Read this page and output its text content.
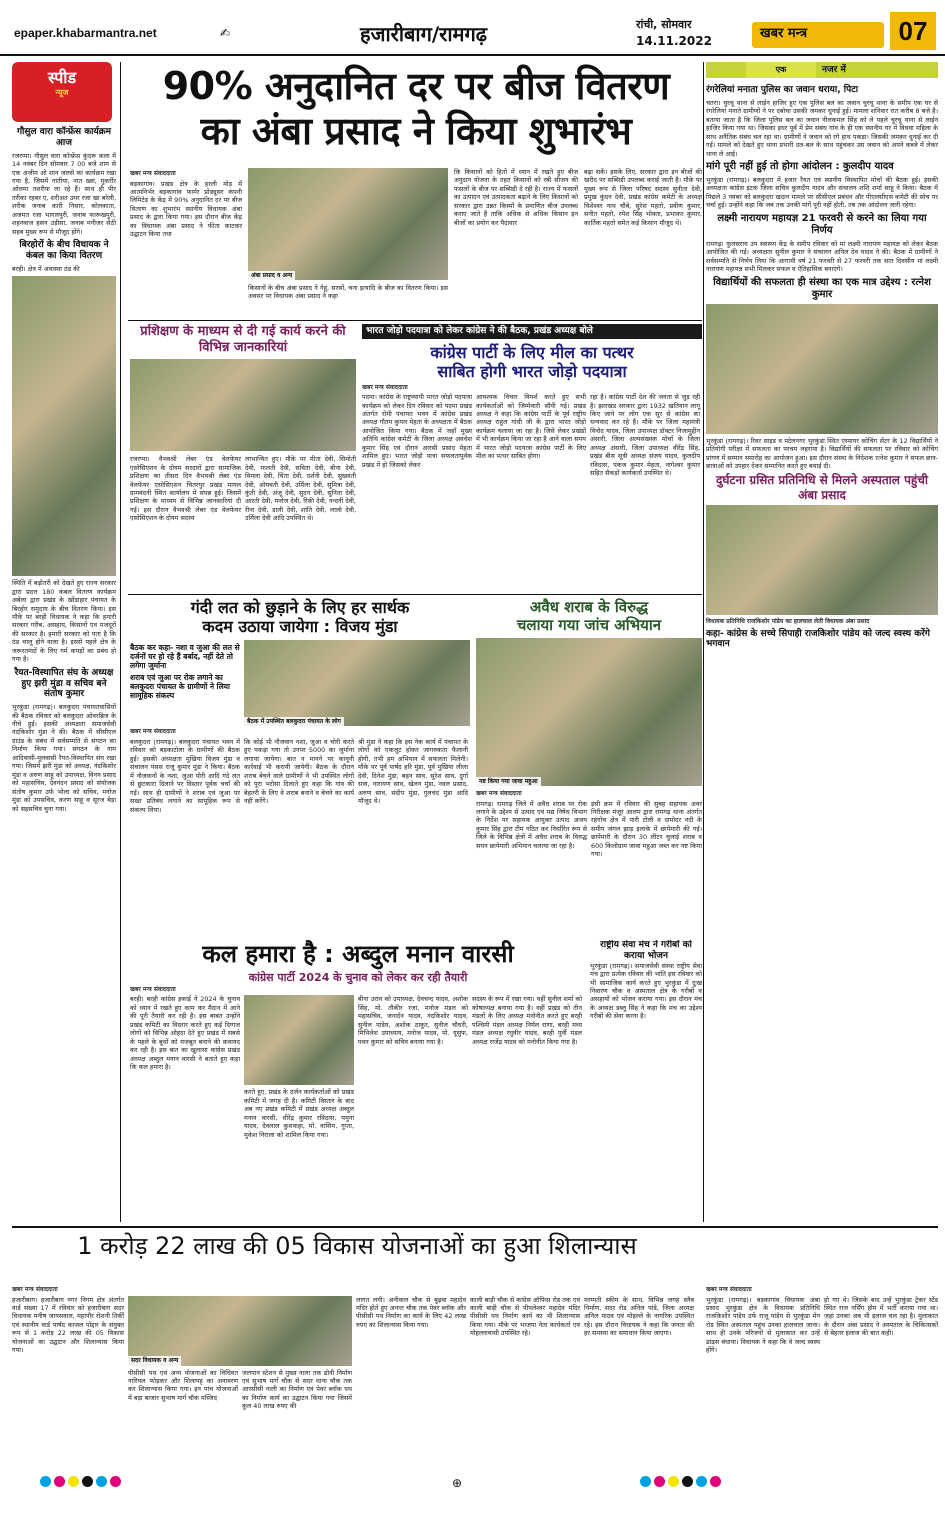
epaper.khabarmantra.net	✍	हजारीबाग/रामगढ़	रांची, सोमवार
14.11.2022	खबर मन्त्र	07
स्पीड
न्यूज
गौसुल वारा कॉन्फ्रेंस कार्यक्रम आज
रजरप्पा। गौसुल वारा कॉन्फ्रेंस कुंदरू कला में 14 नवंबर दिन सोमवार 7 00 बजे शाम से एक अजीम ओ शान जलसे का कार्यक्रम रखा गया है, जिसमें नातीया, नात ख्वां, मुकर्रीर ओलमा तशरीफ ला रहे हैं। साथ ही पीर तरीका रहबर ए, शरीअत उमर रजा खा बरेली, शरीक जनाब कारी निसार, कोलकाता, अजमत रजा भागलपुरी, जनाब फारूखपुरी, शहनवाज हसन उड़ीसा, जनाब मनीजर सेठी सहब मुख्य रूप से मौजूद होंगे।
बिरहोरों के बीच विधायक ने कंबल का किया वितरण
बरही। क्षेत्र में अवास्था ठंड की
स्थिति में बढ़ोतरी को देखते हुए राज्य सरकार द्वारा प्रदत्त 180 कंबल वितरण कार्यक्रम अबेला द्वारा प्रखंड के खोंडाहार पंचायत के बिरहोर समुदाय के बीच वितरण किया। इस मौके पर बरही विधायक ने कहा कि हमारी सरकार गरीब, असहाय, किसानों एव मजदूरों की सरकार है। हमारी सरकार को पता है कि ठंड चालू होने वाला है। इससे पहले क्षेत्र के जरूरतमंदों के लिए गर्म कपड़ों का प्रबंध हो गया है।
रैयत-विस्थापित संघ के अध्यक्ष हुए झरी मुंडा व सचिव बने संतोष कुमार
भुरकुंडा (रामगढ़)। बलकुदरा पंचायतवासियों की बैठक रविवार को बलकुदरा ओवरब्रिज के नीचे हुई। इसकी अध्यक्षता समाजसेवी नंदकिशोर मुंडा ने की। बैठक में सीसीएल ग्राउंड के संबंध में सर्वसम्मति से संगठन का निर्माण किया गया। संगठन के नाम आदिवासी-मूलवासी रैयत-विस्थापित संघ रखा गया। जिसमें झरी मुंडा को अध्यक्ष, नंदकिशोर मुंडा व अरुण साहू को उपाध्यक्ष, विनय प्रसाद को महासचिव, देवनंदन प्रसाद को संयोजक संतोष कुमार उर्फ भोला को सचिव, मनोज मुंडा को उपसचिव, करण साहू व सूरज बेड़ा को सहसचिव चुना गया।
90% अनुदानित दर पर बीज वितरण
का अंबा प्रसाद ने किया शुभारंभ
खबर मन्त्र संवाददाता
बड़कागांव। प्रखंड क्षेत्र के हरली मोड़ में आत्मनिर्भर बड़कागांव फार्मर प्रोड्यूसर कंपनी लिमिटेड के केंद्र में 90% अनुदानित दर पर बीज वितरण का शुभारंभ स्थानीय विधायक अंबा प्रसाद के द्वारा किया गया। इस दौरान बीज केंद्र का विधायक अंबा प्रसाद ने फीता काटकर उद्घाटन किया तथा
अंबा प्रसाद व अन्य
किसानों के बीच अंबा प्रसाद ने गेहूं, सरसों, चना इत्यादि के बीज का वितरण किया। इस अवसर पर विधायक अंबा प्रसाद ने कहा
कि किसानों को हितों में ध्यान में रखते हुए बीज अनुदान योजना के तहत किसानों को रबी सीजन की फसलों के बीज पर सब्सिडी दे रही है। राज्य में फसलों का उत्पादन एवं उत्पादकता बढ़ाने के लिए किसानों को सरकार द्वारा उन्नत किस्मों के प्रमाणित बीज उपलब्ध कराए जाते हैं ताकि अधिक से अधिक किसान इन बीजों का प्रयोग कर पैदावार
बढ़ा सकें। इसके लिए, सरकार द्वारा इन बीजों की खरीद पर सब्सिडी उपलब्ध कराई जाती है। मौके पर मुख्य रूप से जिला परिषद सदस्य सुनीता देवी, प्रमुख कुंदन देवी, प्रखंड कांग्रेस कमेटी के अध्यक्ष विशेश्वर नाथ चौबे, सुरेश महतो, प्रवीण कुमार, सनीत महतो, रमेश सिंह भोक्ता, प्रभाकर कुमार, कार्तिक महतो समेत कई किसान मौजूद थे।
प्रशिक्षण के माध्यम से दी गई कार्य करने की विभिन्न जानकारियां
रजरप्पा। वैभवश्री लेबर एंड वेलफेयर एसोसिएशन के दोयम सरदारों द्वारा सामाजिक प्रशिक्षण का तीसरा दिन वैभवश्री लेबर एंड वेलफेयर एसोसिएशन चितरपुर प्रखंड मायल ग्रामवंदनी स्थित कार्यालय में संपन्न हुई। जिसमें प्रशिक्षण के माध्यम से विभिन्न जानकारियां दी गई। इस दौरान वैभवश्री लेबर एंड वेलफेयर एसोसिएशन के दोयम सदस्य
लाभान्वित हुए। मौके पर मीता देवी, सिमोती देवी, मालती देवी, सविता देवी, बीना देवी, विमला देवी, चिंता देवी, दर्शनी देवी, सुखवंती देवी, ओमवती देवी, उर्मिला देवी, सुमित्रा देवी, कुंती देवी, अंजू देवी, सुदन देवी, सुनिता देवी, आरती देवी, मनोज देवी, रिंकी देवी, नन्दनी देवी, रीना देवी, डाली देवी, शांति देवी, लालो देवी, उर्मिला देवी आदि उपस्थित थे।
भारत जोड़ो पदयात्रा को लेकर कांग्रेस ने की बैठक, प्रखंड अध्यक्ष बोले
कांग्रेस पार्टी के लिए मील का पत्थर
साबित होगी भारत जोड़ो पदयात्रा
खबर मन्त्र संवाददाता
पदमा। कांग्रेस के राष्ट्रव्यापी भारत जोड़ो पदयात्रा कार्यक्रम को लेकर दिन रविवार को पदमा प्रखंड अंतर्गत रोमी पंचायत भवन में कांग्रेस प्रखंड अध्यक्ष गौतम कुमार मेहता के अध्यक्षता में बैठक आयोजित किया गया। बैठक में जहाँ मुख्य अतिथि कांग्रेस कमेटी के जिला अध्यक्ष अवधेश कुमार सिंह एवं दौरान आरसी प्रसाद मेहता शामिल हुए। भारत जोड़ो यात्रा सफलतापूर्वक प्रखंड में हो जिसको लेकर
आवश्यक विचार विमर्श करते हुए सभी कार्यकर्ताओं को जिम्मेवारी सौंपी गई। प्रखंड अध्यक्ष ने कहा कि कांग्रेस पार्टी के पूर्व राष्ट्रीय अध्यक्ष राहुल गांधी जी के द्वारा भारत जोड़ो कार्यक्रम चलाया जा रहा है। जिसे लेकर प्रखंडों में भी कार्यक्रम किया जा रहा है आने वाला समय में भारत जोड़ो पदयात्रा कांग्रेस पार्टी के लिए मील का पत्थर साबित होगा।
रहा है। कांग्रेस पार्टी देश की जनता से जुड़ रही है। झारखंड सरकार द्वारा 1932 खतियान लागू किए जाने पर लोग एक सुर से कांग्रेस का धन्यवाद कर रहे हैं। मौके पर जिला महामंत्री विनोद यादव, जिला उपाध्यक्ष डॉक्टर निजामुद्दीन अंसारी, जिला अल्पसंख्यक मोर्चा के जिला अध्यक्ष अंसारी, जिला उपाध्यक्ष वीरेंद्र सिंह, प्रखंड बीस सूत्री अध्यक्ष संजय यादव, कुलदीप रविदास, पंकज कुमार मेहता, नागेश्वर कुमार सहित सैकड़ों कार्यकर्ता उपस्थित थे।
गंदी लत को छुड़ाने के लिए हर सार्थक
कदम उठाया जायेगा : विजय मुंडा
बैठक कर कहा- नशा व जुआ की लत से दर्जनों घर हो रहे हैं बर्बाद, नहीं देते तो लगेगा जुर्माना
शराब एवं जुआ पर रोक लगाने का बलकुदरा पंचायत के ग्रामीणों ने लिया सामूहिक संकल्प
बैठक में उपस्थित बलकुदरा पंचायत के लोग
खबर मन्त्र संवाददाता
बलकुदरा (रामगढ़)। बलकुदरा पंचायत भवन में रविवार को बड़काटोला के ग्रामीणों की बैठक हुई। इसकी अध्यक्षता मुखिया विजय मुंडा व संचालन पंसस राजू कुमार मुंडा ने किया। बैठक में नौजवानों के नशा, जुआ पोरी आदि गंदे लत से छुटकारा दिलाने पर विस्तार पूर्वक चर्चा की गई। साथ ही ग्रामीणों ने शराब एवं जुआ पर सख्त प्रतिबंध लगाने का सामूहिक रूप से संकल्प लिया।
कि कोई भी नौजवान नशा, जुआ व चोरी करते हुए पकड़ा गया तो उनपर 5000 का जुर्माना लगाया जायेगा। बात न मानने पर कानूनी कार्रवाई भी करायी जायेगी। बैठक के दौरान शराब बेचने वाले ग्रामीणों ने भी उपस्थित लोगों को पूरा भरोसा दिलाते हुए कहा कि गांव की बेहतरी के लिए वे शराब बनाने व बेचने का कार्य नहीं करेंगे।
श्री मुंडा ने कहा कि इस नेक कार्य में पंचायत के लोगों को एकजुट होकर जागरुकता फैलानी होगी, तभी हम अभियान में सफलता मिलेगी। मौके पर पूर्व पार्षद हरि मुंडा, पूर्व मुखिया लीला देवी, दिनेश मुंडा, बहन साव, सुरेश साव, दुर्गा साव, नारायण साव, खेलन मुंडा, नवल प्रसाद, अरुण साव, संदीप मुंडा, गुलचंद मुंडा आदि मौजूद थे।
अवैध शराब के विरुद्ध
चलाया गया जांच अभियान
नष्ट किया गया जावा महुआ
खबर मन्त्र संवाददाता
रामगढ़। रामगढ़ जिले में अवैध शराब पर रोक लगाने के उद्देश्य से उत्पाद एवं मद्य निषेध विभाग के निर्देश पर सहायक आयुक्त उत्पाद अजय कुमार सिंह द्वारा टीम गठित कर निर्धारित रूप से जिले के विभिन्न क्षेत्रों में अवैध शराब के विरुद्ध सघन छापेमारी अभियान चलाया जा रहा है।
इसी क्रम में रविवार की सुबह सहायक अवर निरीक्षक मंजूर आलम द्वारा रामगढ़ थाना अंतर्गत रहंगोच क्षेत्र में पारी टोली व दामोदर नदी के समीप जंगल झाड़ इलाके में छापेमारी की गई। छापेमारी के दौरान 30 लीटर चुलाई शराब व 600 किलोग्राम जावा महुआ जब्त कर नष्ट किया गया।
राष्ट्रीय सेवा मंच ने गरीबों को कराया भोजन
भुरकुंडा (रामगढ़)। समाजसेवी संस्था राष्ट्रीय सेवा मंच द्वारा प्रत्येक रविवार की भांति इस रविवार को भी सामाजिक कार्य करते हुए भुरकुंडा में दुःख निवारण चौक व अस्पताल क्षेत्र के गरीबों व असहायों को भोजन कराया गया। इस दौरान मंच के अध्यक्ष डब्लू सिंह ने कहा कि मंच का उद्देश्य गरीबों की सेवा करना है।
कल हमारा है : अब्दुल मनान वारसी
कांग्रेस पार्टी 2024 के चुनाव को लेकर कर रही तैयारी
खबर मन्त्र संवाददाता
बरही। बरही कांग्रेस इकाई ने 2024 के चुनाव को ध्यान में रखते हुए काम कर मैदान में आने की पूरी तैयारी कर रही है। इस बाबत उन्होंने प्रखंड कमिटी का विस्तार करते हुए कई दिग्गज लोगों को विभिन्न ओहदा देते हुए प्रखंड में सबसे के पहले के बूथों को मजबूत बनाने की कवायद कर रही है। इस बात का खुलासा कांग्रेस प्रखंड अध्यक्ष अब्दुल मनान वारसी ने बताते हुए कहा कि कल हमारा है।
करते हुए, प्रखंड के दर्जन कार्यकर्ताओं को प्रखंड कमिटी में जगह दी है। कमिटी विस्तार के बाद अब नए प्रखंड कमिटी में प्रखंड अध्यक्ष अब्दुल मनान वारसी, धीरेंद्र कुमार रविदास, यमुना यादव, देवलाल कुशवाहा, मो. वासिम, गुप्ता, मुकेश निराला को शामिल किया गया।
बीना उरांव को उपाध्यक्ष, देवचन्द यादव, अशोक सिंह, मो. तौकीर रजा, मनोज मंडल को महासचिव, जनार्दन यादव, नंदकिशोर यादव, सुनील पांडेय, अशोक ठाकुर, सुनील चौधरी, मिथिलेश उपाध्याय, मनोज यादव, मो. यूसुफ, पवन कुमार को सचिव बनाया गया है।
सदस्य के रूप में रखा गया। वहीं सुनील शर्मा को कोषाध्यक्ष बनाया गया है। वहीं प्रखंड को तीन मंडलों के लिए अध्यक्ष मनोनीत करते हुए बरही पश्चिमी मंडल अध्यक्ष निर्मल राणा, बरही मध्य मंडल अध्यक्ष रघुवीर यादव, बरही पूर्वी मंडल अध्यक्ष राजेंद्र यादव को मनोनीत किया गया है।
एक	नजर में
रंगरेलियां मनाता पुलिस का जवान धराया, पिटा
चतरा। चुरचू थाना से लाईन हाजिर हुए एक पुलिस बल का जवान चुरचू थाना के समीप एक घर से रंगरेलियां मनाते ग्रामीणों ने पर दबोचा उसकी जमकर धुनाई हुई। मामला शनिवार रात करीब 8 बजे है। बताया जाता है कि जिला पुलिस बल का जवान नीलकमल सिंह को ले पहले चुरचू थाना से लाईन हाजिर किया गया था। जिसका इधर पूर्व में प्रेम संबंध गांव के ही एक स्थानीय घर में विधवा महिला के साथ अनैतिक संबंध चल रहा था। ग्रामीणों ने जवान को रंगे हाथ पकड़ा। जिसकी जमकर धुनाई कर दी गई। मामले को देखते हुए थाना प्रभारी दल-बल के साथ पहुंचकर उस जवान को अपने कब्जे में लेकर थाना ले आई।
मांगे पूरी नहीं हुई तो होगा आंदोलन : कुलदीप यादव
भुरकुंडा (रामगढ़)। बलकुदरा में हजार रैयत एवं स्थानीय विस्थापित मोर्चा की बैठक हुई। इसकी अध्यक्षता कांग्रेस इंटक जिला सचिव कुलदीप यादव और संचालन शशि शर्मा साहू ने किया। बैठक में पिछले 3 नवंबर को बलकुदरा खदान मामले पर सीसीएल प्रबंधन और पीएलसीएस कमेटी की सोच पर चर्चा हुई। उन्होंने कहा कि जब तक उनकी मांगें पूरी नहीं होती, तब तक आंदोलन जारी रहेगा।
लक्ष्मी नारायण महायज्ञ 21 फरवरी से करने का लिया गया निर्णय
रामगढ़। फुलसराय उप स्वास्थ्य केंद्र के समीप रविवार को मां लक्ष्मी नारायण महायज्ञ को लेकर बैठक आयोजित की गई। अध्यक्षता सुनील कुमार ने संचालन अनिल देव यादव ने की। बैठक में ग्रामीणों ने सर्वसम्मति से निर्णय लिया कि आगामी वर्ष 21 फरवरी से 27 फरवरी तक सात दिवसीय मां लक्ष्मी नारायण महायज्ञ सभी मिलकर सफल व ऐतिहासिक बनाएंगे।
विद्यार्थियों की सफलता ही संस्था का एक मात्र उद्देश्य : रत्नेश कुमार
भुरकुंडा (रामगढ़)। रिवर साइड व पटेलनगर भुरकुंडा स्थित एस्पायर कोचिंग सेंटर के 12 विद्यार्थियों ने प्रतियोगी परीक्षा में सफलता का परचम लहराया है। विद्यार्थियों की सफलता पर रविवार को कोचिंग प्रांगण में सम्मान समारोह का आयोजन हुआ। इस दौरान संस्था के निदेशक रत्नेश कुमार ने सफल छात्र-छात्राओं को उपहार देकर सम्मानित करते हुए बधाई दी।
दुर्घटना ग्रसित प्रतिनिधि से मिलने अस्पताल पहुंची अंबा प्रसाद
विधायक प्रतिनिधि राजकिशोर पांडेय का हालचाल लेती विधायक अंबा प्रसाद
कहा- कांग्रेस के सच्चे सिपाही राजकिशोर पांडेय को जल्द स्वस्थ करेंगे भगवान
1 करोड़ 22 लाख की 05 विकास योजनाओं का हुआ शिलान्यास
खबर मन्त्र संवाददाता
हजारीबाग। हजारीबाग नगर निगम क्षेत्र अंतर्गत वार्ड संख्या 17 में रविवार को हजारीबाग सदर विधायक मनीष जायसवाल, महापौर रोशनी तिर्की एवं स्थानीय वार्ड पार्षद काजल पोद्दार के संयुक्त रूप से 1 करोड़ 22 लाख की 05 विकास योजनाओं का उद्घाटन और शिलान्यास किया गया।
सदर विधायक व अन्य
पीसीसी पथ एवं अन्य योजनाओं का विधिवत नारियल फोड़कर और शिलापट्ट का अनावरण कर शिलान्यास किया गया। इन पांच योजनाओं में बड़ा बाजार सुभाष मार्ग चौक मस्जिद
जलपान स्टेशन से मुख्य नाला तक ढोनी निर्माण एवं सुभाष मार्ग चौक से सदर थाना चौक तक आरसीसी नाली का निर्माण एवं पेवर ब्लॉक पथ का निर्माण कार्य का उद्घाटन किया गया जिसमें कुल 40 लाख रुपए की
लागत लगी। अनीवाल चौक से बुढ़वा महादेव मंदिर होते हुए अनन्त चौक तक पेवर ब्लॉक और पीसीसी पथ निर्माण का कार्य के लिए 42 लाख रुपए का शिलान्यास किया गया।
काली बाड़ी चौक से कांग्रेस ऑफिस रोड तक एवं काली बाड़ी चौक से पीपलेश्वर महादेव मंदिर पीसीसी पथ निर्माण कार्य का भी शिलान्यास किया गया। मौके पर भाजपा नेता कार्यकर्ता एवं मोहल्लावासी उपस्थित रहे।
मरम्मती स्कीम के साथ, विभिन्न जगह स्लैब निर्माण, सदर रोड अनिल पांडे, जिला अध्यक्ष अनिल यादव एवं मोहल्ले के नागरिक उपस्थित रहे। इस दौरान विधायक ने कहा कि जनता की हर समस्या का समाधान किया जाएगा।
खबर मन्त्र संवाददाता
भुरकुंडा (रामगढ़)। बड़कागांव विधायक अंबा प्रसाद भुरकुंडा क्षेत्र के विधायक प्रतिनिधि राजकिशोर पांडेय उर्फ राजू पांडेय से भुरकुंडा मेन रोड स्थित अस्पताल पहुंच उनका हालचाल जाना। साथ ही उनके परिजनों से मुलाकात कर उन्हें ढांढस बंधाया। विधायक ने कहा कि वे जल्द स्वस्थ होंगे।
हो गए थे। जिसके बाद उन्हें भुरकुंडा ट्रेकर स्टेंड स्थित राज नर्सिंग होम में भर्ती कराया गया था। जहां उनका अब भी इलाज चल रहा है। मुलाकात के दौरान अंबा प्रसाद ने अस्पताल के चिकित्सकों से बेहतर इलाज की बात कही।
⊕
